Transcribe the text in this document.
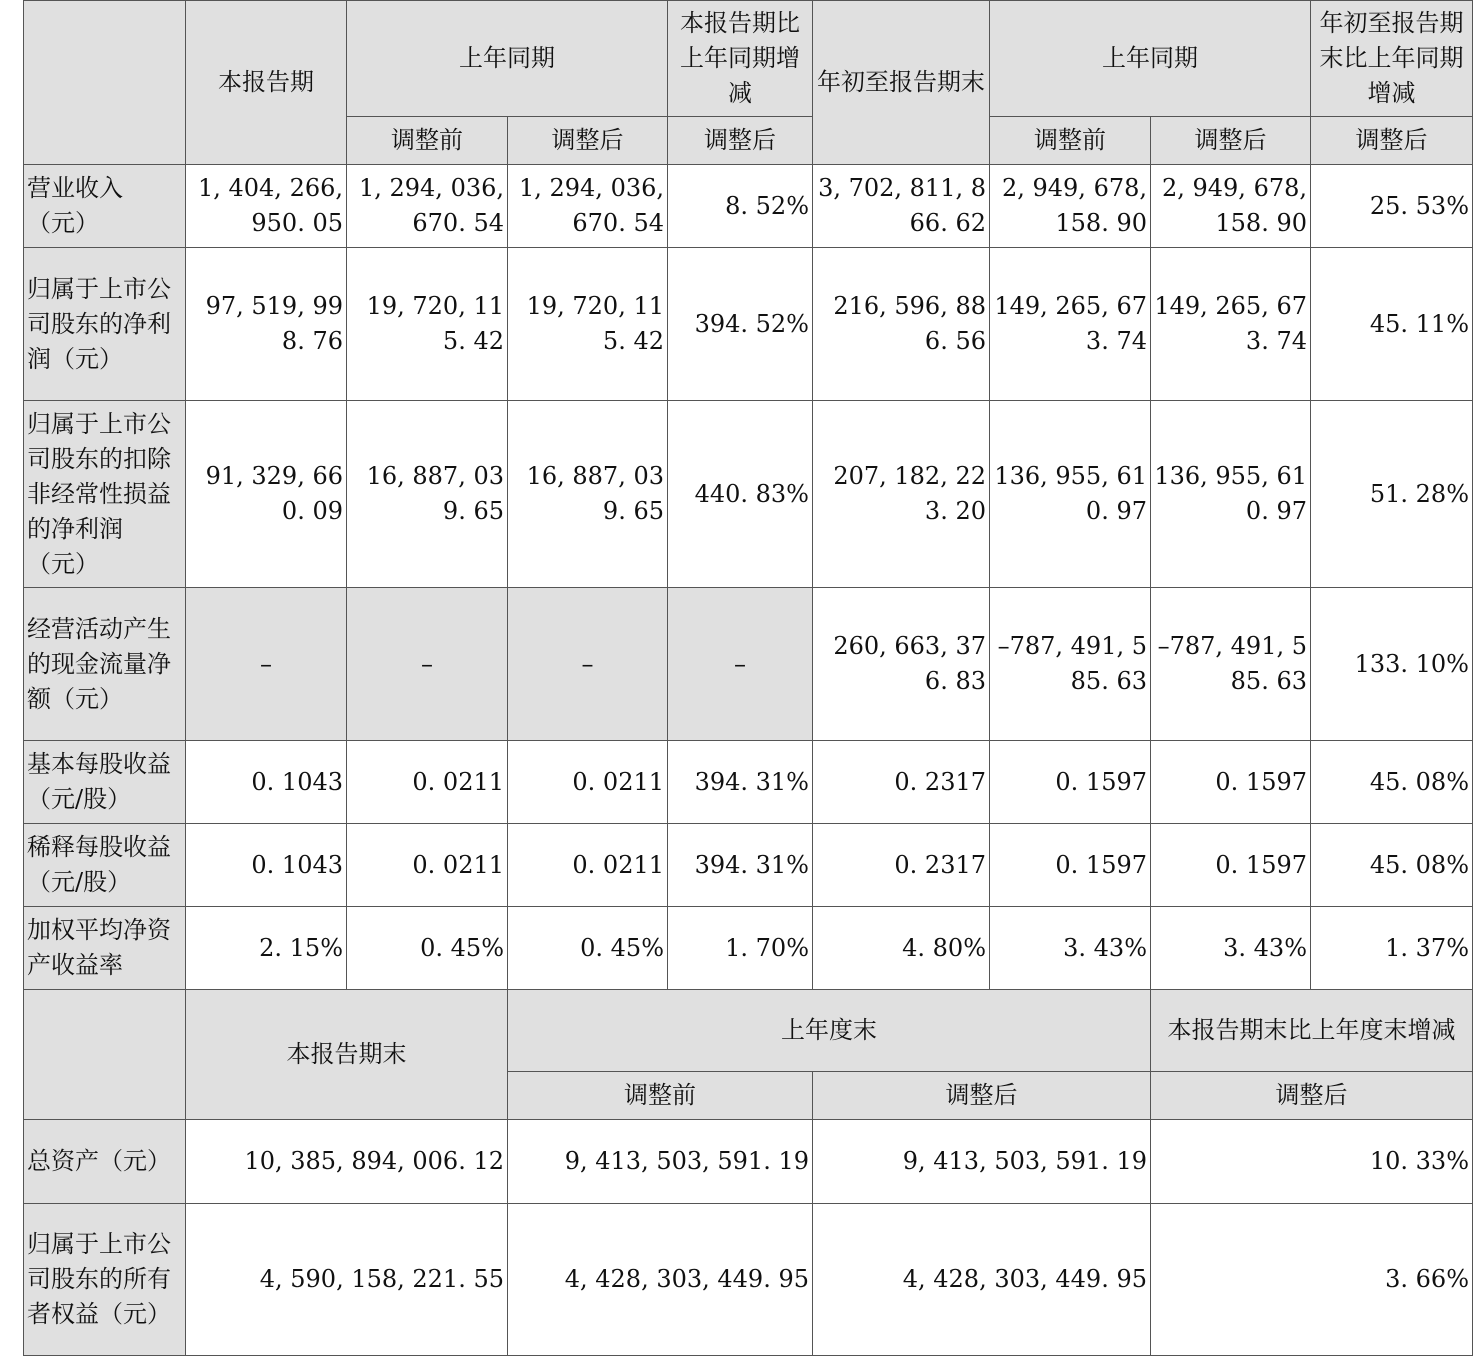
	本报告期	上年同期		本报告期比上年同期增减	年初至报告期末	上年同期		年初至报告期末比上年同期增减
		调整前	调整后	调整后		调整前	调整后	调整后
营业收入（元）	1, 404, 266, 950. 05	1, 294, 036, 670. 54	1, 294, 036, 670. 54	8. 52%	3, 702, 811, 866. 62	2, 949, 678, 158. 90	2, 949, 678, 158. 90	25. 53%
归属于上市公司股东的净利润（元）	97, 519, 998. 76	19, 720, 115. 42	19, 720, 115. 42	394. 52%	216, 596, 886. 56	149, 265, 673. 74	149, 265, 673. 74	45. 11%
归属于上市公司股东的扣除非经常性损益的净利润（元）	91, 329, 660. 09	16, 887, 039. 65	16, 887, 039. 65	440. 83%	207, 182, 223. 20	136, 955, 610. 97	136, 955, 610. 97	51. 28%
经营活动产生的现金流量净额（元）	–	–	–	–	260, 663, 376. 83	–787, 491, 585. 63	–787, 491, 585. 63	133. 10%
基本每股收益（元/股）	0. 1043	0. 0211	0. 0211	394. 31%	0. 2317	0. 1597	0. 1597	45. 08%
稀释每股收益（元/股）	0. 1043	0. 0211	0. 0211	394. 31%	0. 2317	0. 1597	0. 1597	45. 08%
加权平均净资产收益率	2. 15%	0. 45%	0. 45%	1. 70%	4. 80%	3. 43%	3. 43%	1. 37%
	本报告期末		上年度末				本报告期末比上年度末增减	
			调整前		调整后		调整后	
总资产（元）	10, 385, 894, 006. 12		9, 413, 503, 591. 19		9, 413, 503, 591. 19		10. 33%	
归属于上市公司股东的所有者权益（元）	4, 590, 158, 221. 55		4, 428, 303, 449. 95		4, 428, 303, 449. 95		3. 66%	
